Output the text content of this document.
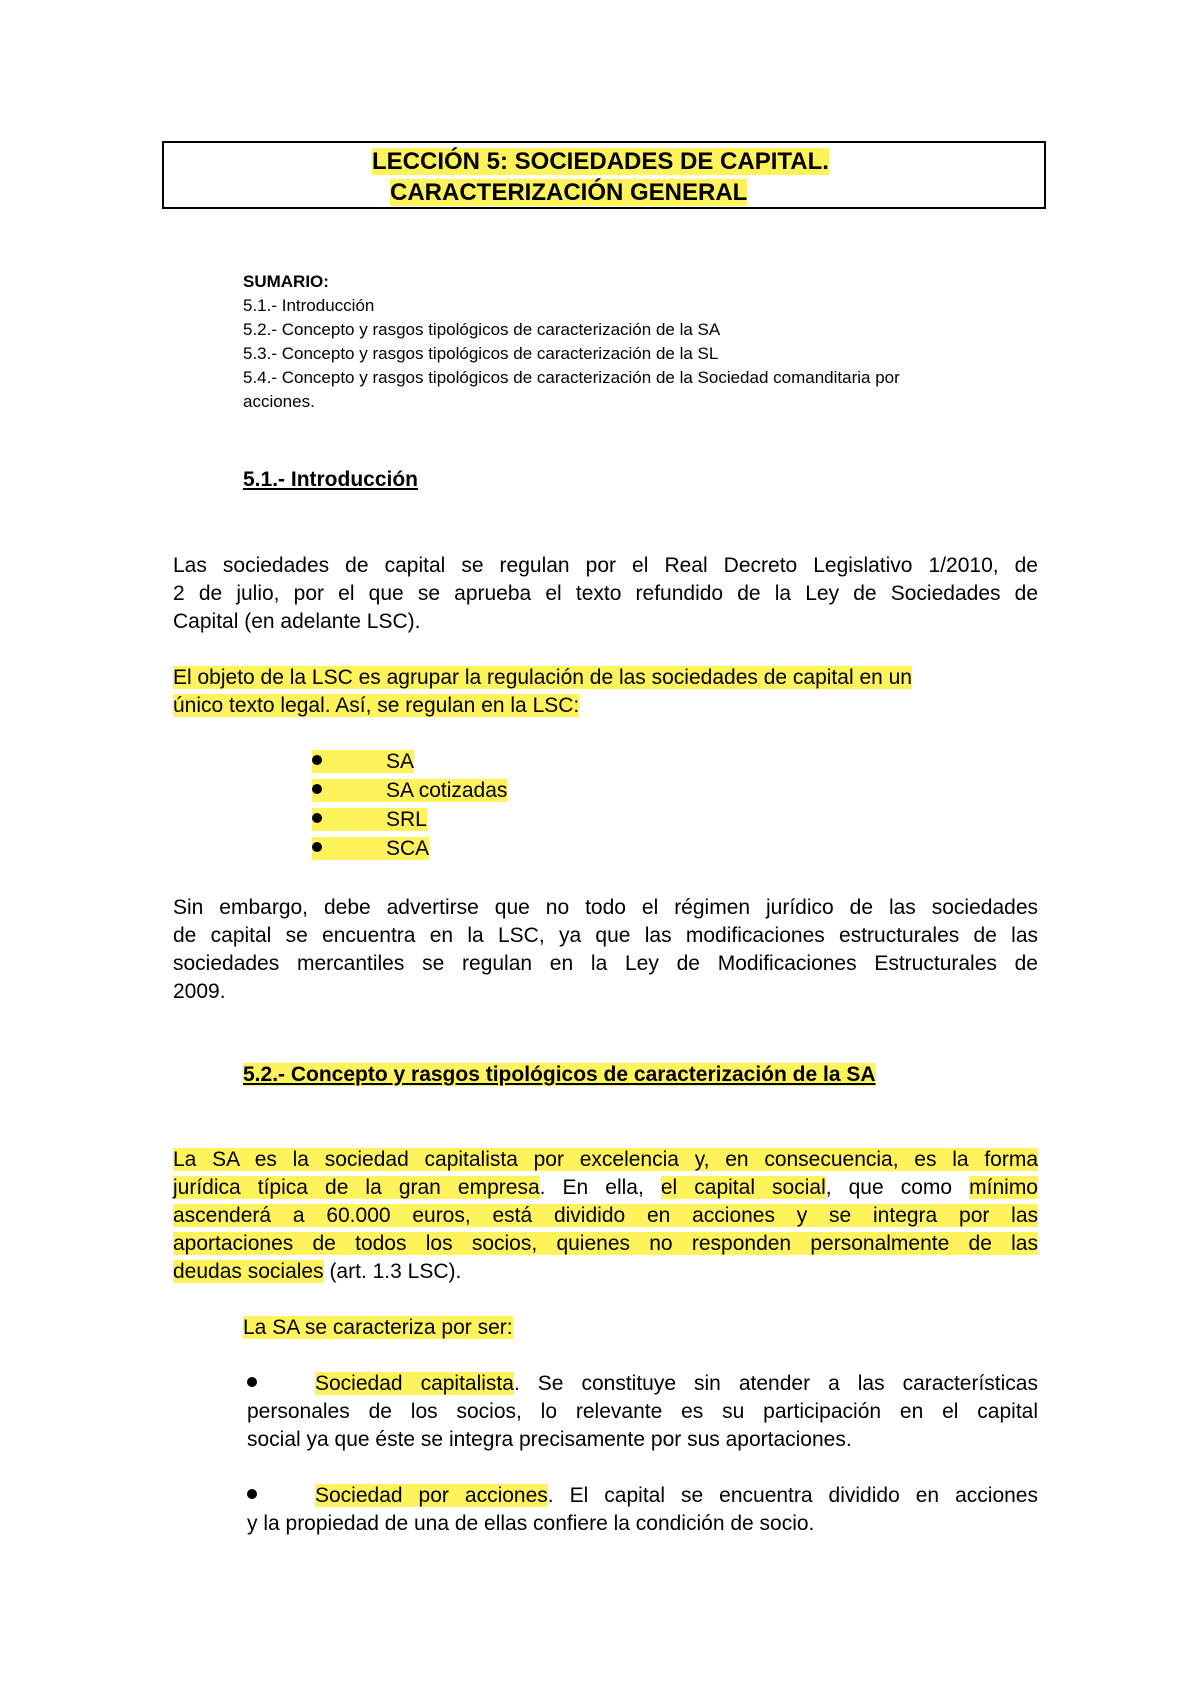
LECCIÓN 5: SOCIEDADES DE CAPITAL.
CARACTERIZACIÓN GENERAL
SUMARIO:
5.1.- Introducción
5.2.- Concepto y rasgos tipológicos de caracterización de la SA
5.3.- Concepto y rasgos tipológicos de caracterización de la SL
5.4.- Concepto y rasgos tipológicos de caracterización de la Sociedad comanditaria por
acciones.
5.1.- Introducción
Las sociedades de capital se regulan por el Real Decreto Legislativo 1/2010, de
2 de julio, por el que se aprueba el texto refundido de la Ley de Sociedades de
Capital (en adelante LSC).
El objeto de la LSC es agrupar la regulación de las sociedades de capital en un
único texto legal. Así, se regulan en la LSC:
SA
SA cotizadas
SRL
SCA
Sin embargo, debe advertirse que no todo el régimen jurídico de las sociedades
de capital se encuentra en la LSC, ya que las modificaciones estructurales de las
sociedades mercantiles se regulan en la Ley de Modificaciones Estructurales de
2009.
5.2.- Concepto y rasgos tipológicos de caracterización de la SA
La SA es la sociedad capitalista por excelencia y, en consecuencia, es la forma
jurídica típica de la gran empresa. En ella, el capital social, que como mínimo
ascenderá a 60.000 euros, está dividido en acciones y se integra por las
aportaciones de todos los socios, quienes no responden personalmente de las
deudas sociales (art. 1.3 LSC).
La SA se caracteriza por ser:
Sociedad capitalista. Se constituye sin atender a las características
personales de los socios, lo relevante es su participación en el capital
social ya que éste se integra precisamente por sus aportaciones.
Sociedad por acciones. El capital se encuentra dividido en acciones
y la propiedad de una de ellas confiere la condición de socio.
